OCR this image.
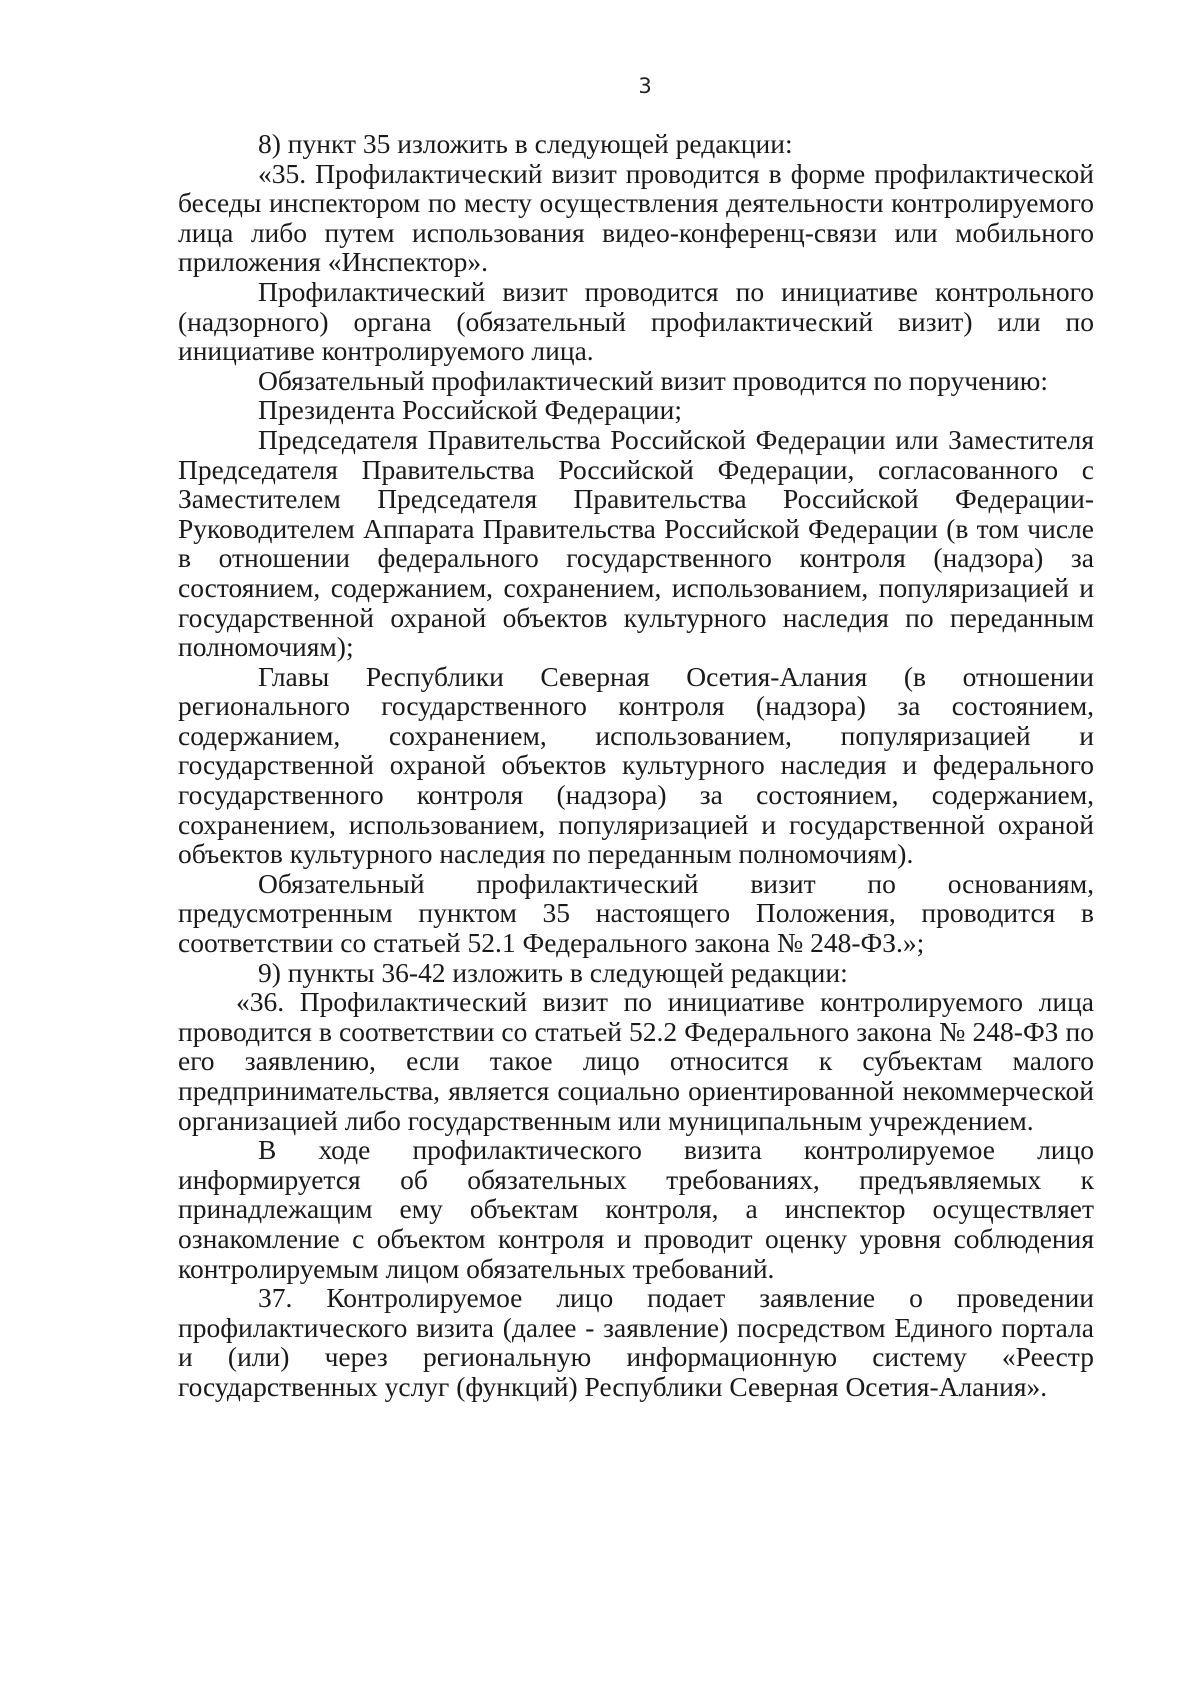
3

8) пункт 35 изложить в следующей редакции:

«35. Профилактический визит проводится в форме профилактической беседы инспектором по месту осуществления деятельности контролируемого лица либо путем использования видео-конференц-связи или мобильного приложения «Инспектор».

Профилактический визит проводится по инициативе контрольного (надзорного) органа (обязательный профилактический визит) или по инициативе контролируемого лица.

Обязательный профилактический визит проводится по поручению:

Президента Российской Федерации;

Председателя Правительства Российской Федерации или Заместителя Председателя Правительства Российской Федерации, согласованного с Заместителем Председателя Правительства Российской Федерации-Руководителем Аппарата Правительства Российской Федерации (в том числе в отношении федерального государственного контроля (надзора) за состоянием, содержанием, сохранением, использованием, популяризацией и государственной охраной объектов культурного наследия по переданным полномочиям);

Главы Республики Северная Осетия-Алания (в отношении регионального государственного контроля (надзора) за состоянием, содержанием, сохранением, использованием, популяризацией и государственной охраной объектов культурного наследия и федерального государственного контроля (надзора) за состоянием, содержанием, сохранением, использованием, популяризацией и государственной охраной объектов культурного наследия по переданным полномочиям).

Обязательный профилактический визит по основаниям, предусмотренным пунктом 35 настоящего Положения, проводится в соответствии со статьей 52.1 Федерального закона № 248-ФЗ.»;

9) пункты 36-42 изложить в следующей редакции:

«36. Профилактический визит по инициативе контролируемого лица проводится в соответствии со статьей 52.2 Федерального закона № 248-ФЗ по его заявлению, если такое лицо относится к субъектам малого предпринимательства, является социально ориентированной некоммерческой организацией либо государственным или муниципальным учреждением.

В ходе профилактического визита контролируемое лицо информируется об обязательных требованиях, предъявляемых к принадлежащим ему объектам контроля, а инспектор осуществляет ознакомление с объектом контроля и проводит оценку уровня соблюдения контролируемым лицом обязательных требований.

37. Контролируемое лицо подает заявление о проведении профилактического визита (далее - заявление) посредством Единого портала и (или) через региональную информационную систему «Реестр государственных услуг (функций) Республики Северная Осетия-Алания».
